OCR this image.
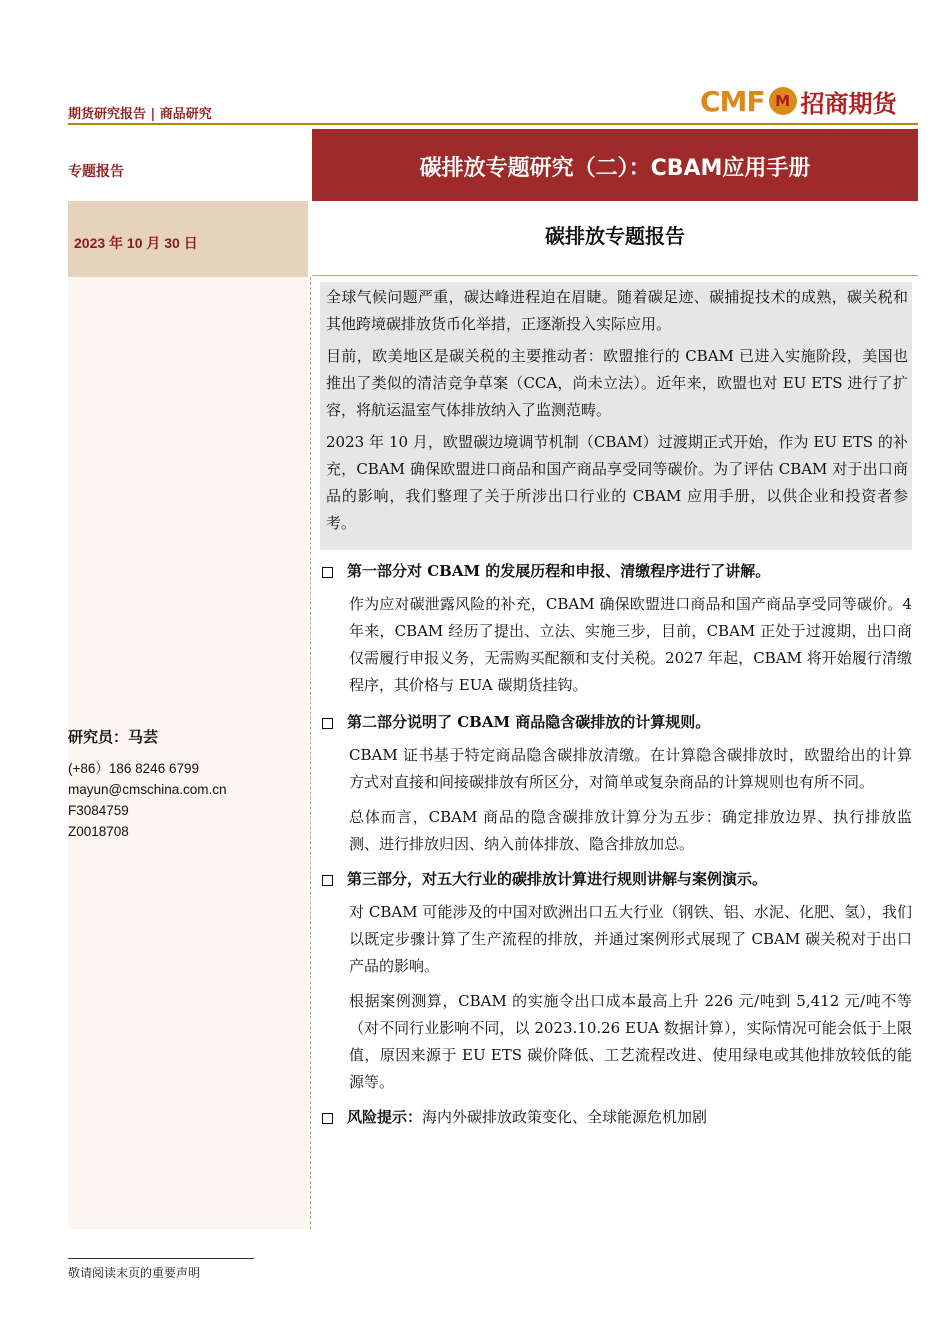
期货研究报告 | 商品研究	CMF M 招商期货
专题报告
2023 年 10 月 30 日
研究员：马芸
(+86）186 8246 6799
mayun@cmschina.com.cn
F3084759
Z0018708
碳排放专题研究（二）：CBAM应用手册
碳排放专题报告

全球气候问题严重，碳达峰进程迫在眉睫。随着碳足迹、碳捕捉技术的成熟，碳关税和其他跨境碳排放货币化举措，正逐渐投入实际应用。

目前，欧美地区是碳关税的主要推动者：欧盟推行的 CBAM 已进入实施阶段，美国也推出了类似的清洁竞争草案（CCA，尚未立法）。近年来，欧盟也对 EU ETS 进行了扩容，将航运温室气体排放纳入了监测范畴。

2023 年 10 月，欧盟碳边境调节机制（CBAM）过渡期正式开始，作为 EU ETS 的补充，CBAM 确保欧盟进口商品和国产商品享受同等碳价。为了评估 CBAM 对于出口商品的影响，我们整理了关于所涉出口行业的 CBAM 应用手册，以供企业和投资者参考。

第一部分对 CBAM 的发展历程和申报、清缴程序进行了讲解。

作为应对碳泄露风险的补充，CBAM 确保欧盟进口商品和国产商品享受同等碳价。4 年来，CBAM 经历了提出、立法、实施三步，目前，CBAM 正处于过渡期，出口商仅需履行申报义务，无需购买配额和支付关税。2027 年起，CBAM 将开始履行清缴程序，其价格与 EUA 碳期货挂钩。

第二部分说明了 CBAM 商品隐含碳排放的计算规则。

CBAM 证书基于特定商品隐含碳排放清缴。在计算隐含碳排放时，欧盟给出的计算方式对直接和间接碳排放有所区分，对简单或复杂商品的计算规则也有所不同。

总体而言，CBAM 商品的隐含碳排放计算分为五步：确定排放边界、执行排放监测、进行排放归因、纳入前体排放、隐含排放加总。

第三部分，对五大行业的碳排放计算进行规则讲解与案例演示。

对 CBAM 可能涉及的中国对欧洲出口五大行业（钢铁、铝、水泥、化肥、氢），我们以既定步骤计算了生产流程的排放，并通过案例形式展现了 CBAM 碳关税对于出口产品的影响。

根据案例测算，CBAM 的实施令出口成本最高上升 226 元/吨到 5,412 元/吨不等（对不同行业影响不同，以 2023.10.26 EUA 数据计算），实际情况可能会低于上限值，原因来源于 EU ETS 碳价降低、工艺流程改进、使用绿电或其他排放较低的能源等。

风险提示： 海内外碳排放政策变化、全球能源危机加剧
敬请阅读末页的重要声明
